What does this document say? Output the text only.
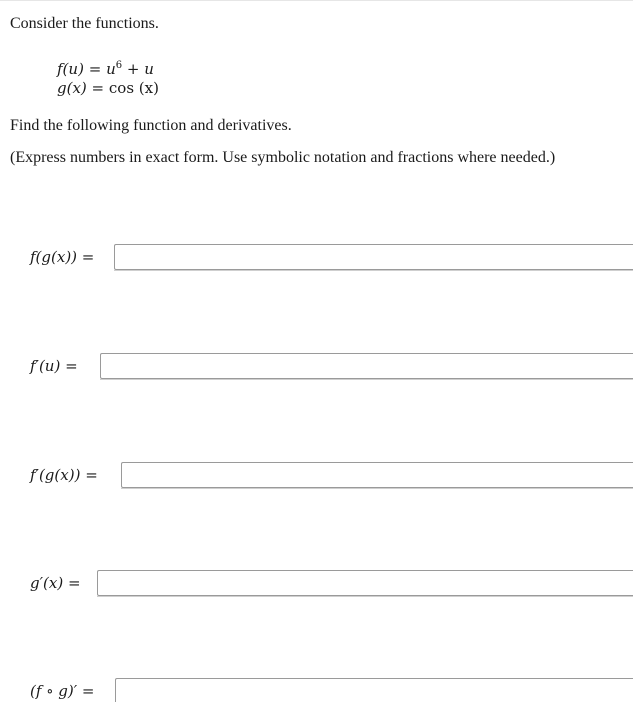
Consider the functions.
$f(u) = u^6 + u$
g(x) = cos (x)
Find the following function and derivatives.
(Express numbers in exact form. Use symbolic notation and fractions where needed.)
f(g(x)) =
f′(u) =
f′(g(x)) =
g′(x) =
(f ∘ g)′ =
